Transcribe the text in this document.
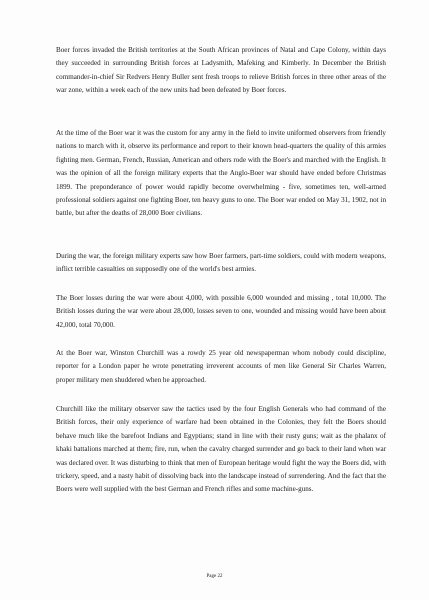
Boer forces invaded the British territories at the South African provinces of Natal and Cape Colony, within days they succeeded in surrounding British forces at Ladysmith, Mafeking and Kimberly. In December the British commander-in-chief Sir Redvers Henry Buller sent fresh troops to relieve British forces in three other areas of the war zone, within a week each of the new units had been defeated by Boer forces.

At the time of the Boer war it was the custom for any army in the field to invite uniformed observers from friendly nations to march with it, observe its performance and report to their known head-quarters the quality of this armies fighting men. German, French, Russian, American and others rode with the Boer's and marched with the English. It was the opinion of all the foreign military experts that the Anglo-Boer war should have ended before Christmas 1899. The preponderance of power would rapidly become overwhelming - five, sometimes ten, well-armed professional soldiers against one fighting Boer, ten heavy guns to one. The Boer war ended on May 31, 1902, not in battle, but after the deaths of 28,000 Boer civilians.

During the war, the foreign military experts saw how Boer farmers, part-time soldiers, could with modern weapons, inflict terrible casualties on supposedly one of the world's best armies.

The Boer losses during the war were about 4,000, with possible 6,000 wounded and missing , total 10,000. The British losses during the war were about 28,000, losses seven to one, wounded and missing would have been about 42,000, total 70,000.

At the Boer war, Winston Churchill was a rowdy 25 year old newspaperman whom nobody could discipline, reporter for a London paper he wrote penetrating irreverent accounts of men like General Sir Charles Warren, proper military men shuddered when he approached.

Churchill like the military observer saw the tactics used by the four English Generals who had command of the British forces, their only experience of warfare had been obtained in the Colonies, they felt the Boers should behave much like the barefoot Indians and Egyptians; stand in line with their rusty guns; wait as the phalanx of khaki battalions marched at them; fire, run, when the cavalry charged surrender and go back to their land when war was declared over. It was disturbing to think that men of European heritage would fight the way the Boers did, with trickery, speed, and a nasty habit of dissolving back into the landscape instead of surrendering. And the fact that the Boers were well supplied with the best German and French rifles and some machine-guns.

Page 22
